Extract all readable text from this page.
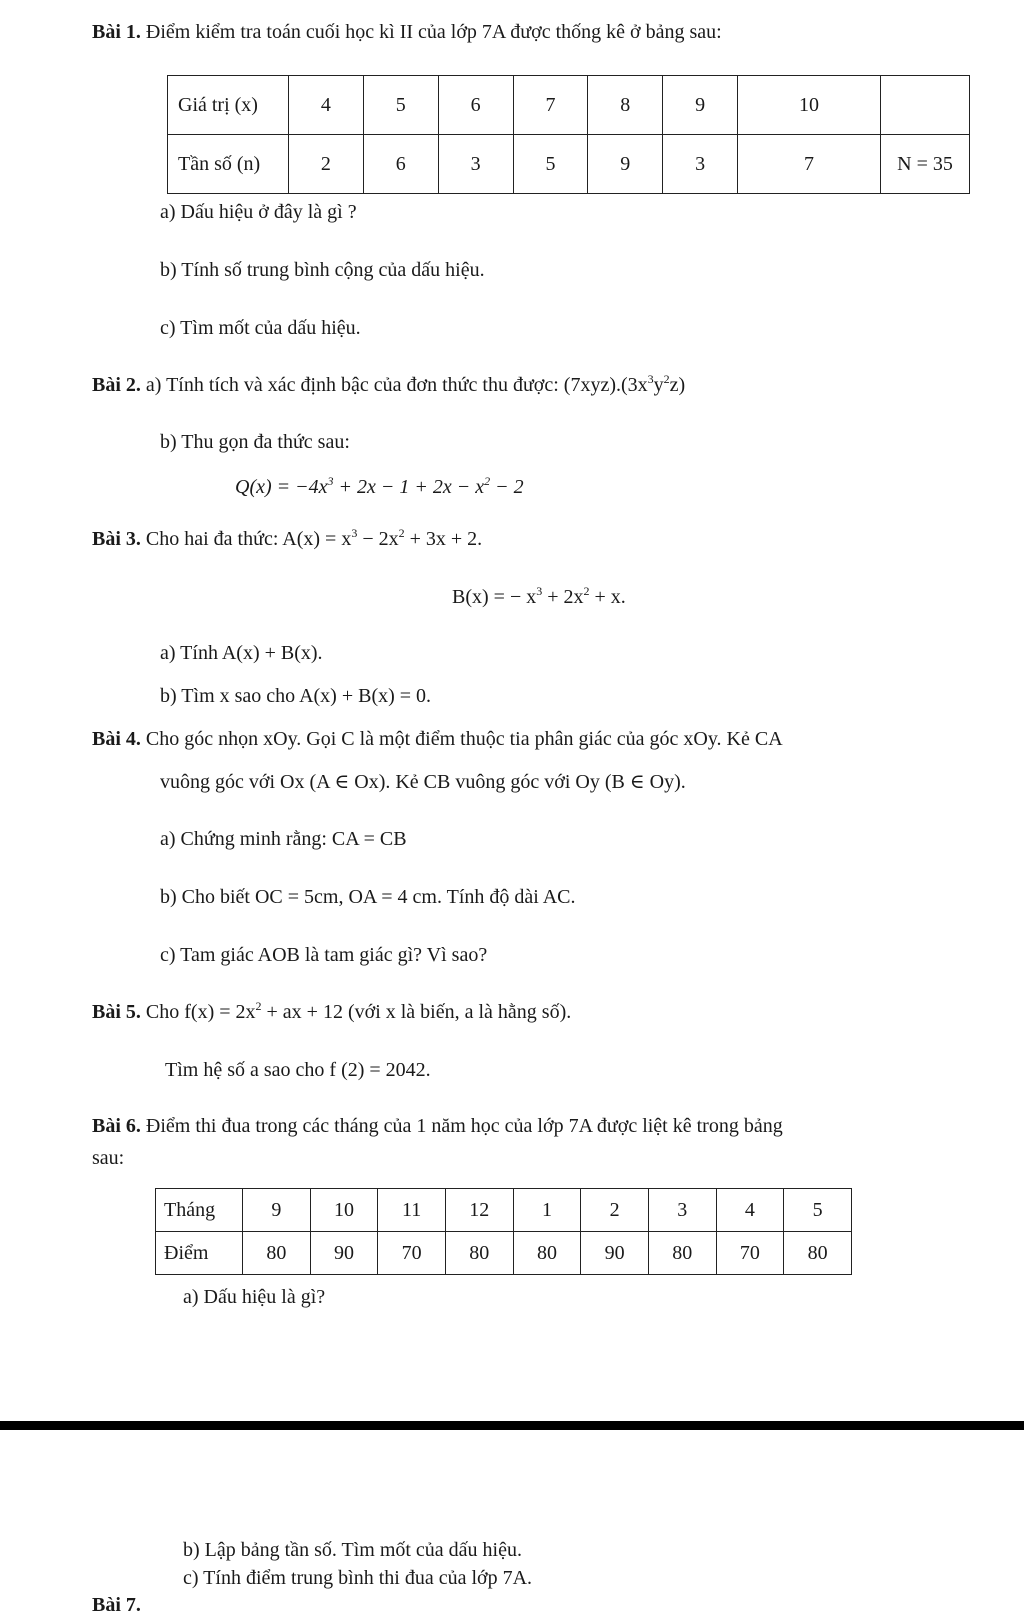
Bài 1. Điểm kiểm tra toán cuối học kì II của lớp 7A được thống kê ở bảng sau:
Giá trị (x)	4	5	6	7	8	9	10	
Tần số (n)	2	6	3	5	9	3	7	N = 35
a) Dấu hiệu ở đây là gì ?
b) Tính số trung bình cộng của dấu hiệu.
c) Tìm mốt của dấu hiệu.
Bài 2. a) Tính tích và xác định bậc của đơn thức thu được: $(7xyz).(3x^3y^2z)$
b) Thu gọn đa thức sau:
$Q(x) = -4x^3 + 2x - 1 + 2x - x^2 - 2$
Bài 3. Cho hai đa thức: $A(x) = x^3 - 2x^2 + 3x + 2$.
B(x) = − $x^3 + 2x^2 + x$.
a) Tính A(x) + B(x).
b) Tìm x sao cho A(x) + B(x) = 0.
Bài 4. Cho góc nhọn xOy. Gọi C là một điểm thuộc tia phân giác của góc xOy. Kẻ CA
vuông góc với Ox (A ∈ Ox). Kẻ CB vuông góc với Oy (B ∈ Oy).
a) Chứng minh rằng: CA = CB
b) Cho biết OC = 5cm, OA = 4 cm. Tính độ dài AC.
c) Tam giác AOB là tam giác gì? Vì sao?
Bài 5. Cho $f(x) = 2x^2$ + ax + 12 (với x là biến, a là hằng số).
Tìm hệ số a sao cho f (2) = 2042.
Bài 6. Điểm thi đua trong các tháng của 1 năm học của lớp 7A được liệt kê trong bảng
sau:
Tháng	9	10	11	12	1	2	3	4	5
Điểm	80	90	70	80	80	90	80	70	80
a) Dấu hiệu là gì?
b) Lập bảng tần số. Tìm mốt của dấu hiệu.
c) Tính điểm trung bình thi đua của lớp 7A.
Bài 7.
